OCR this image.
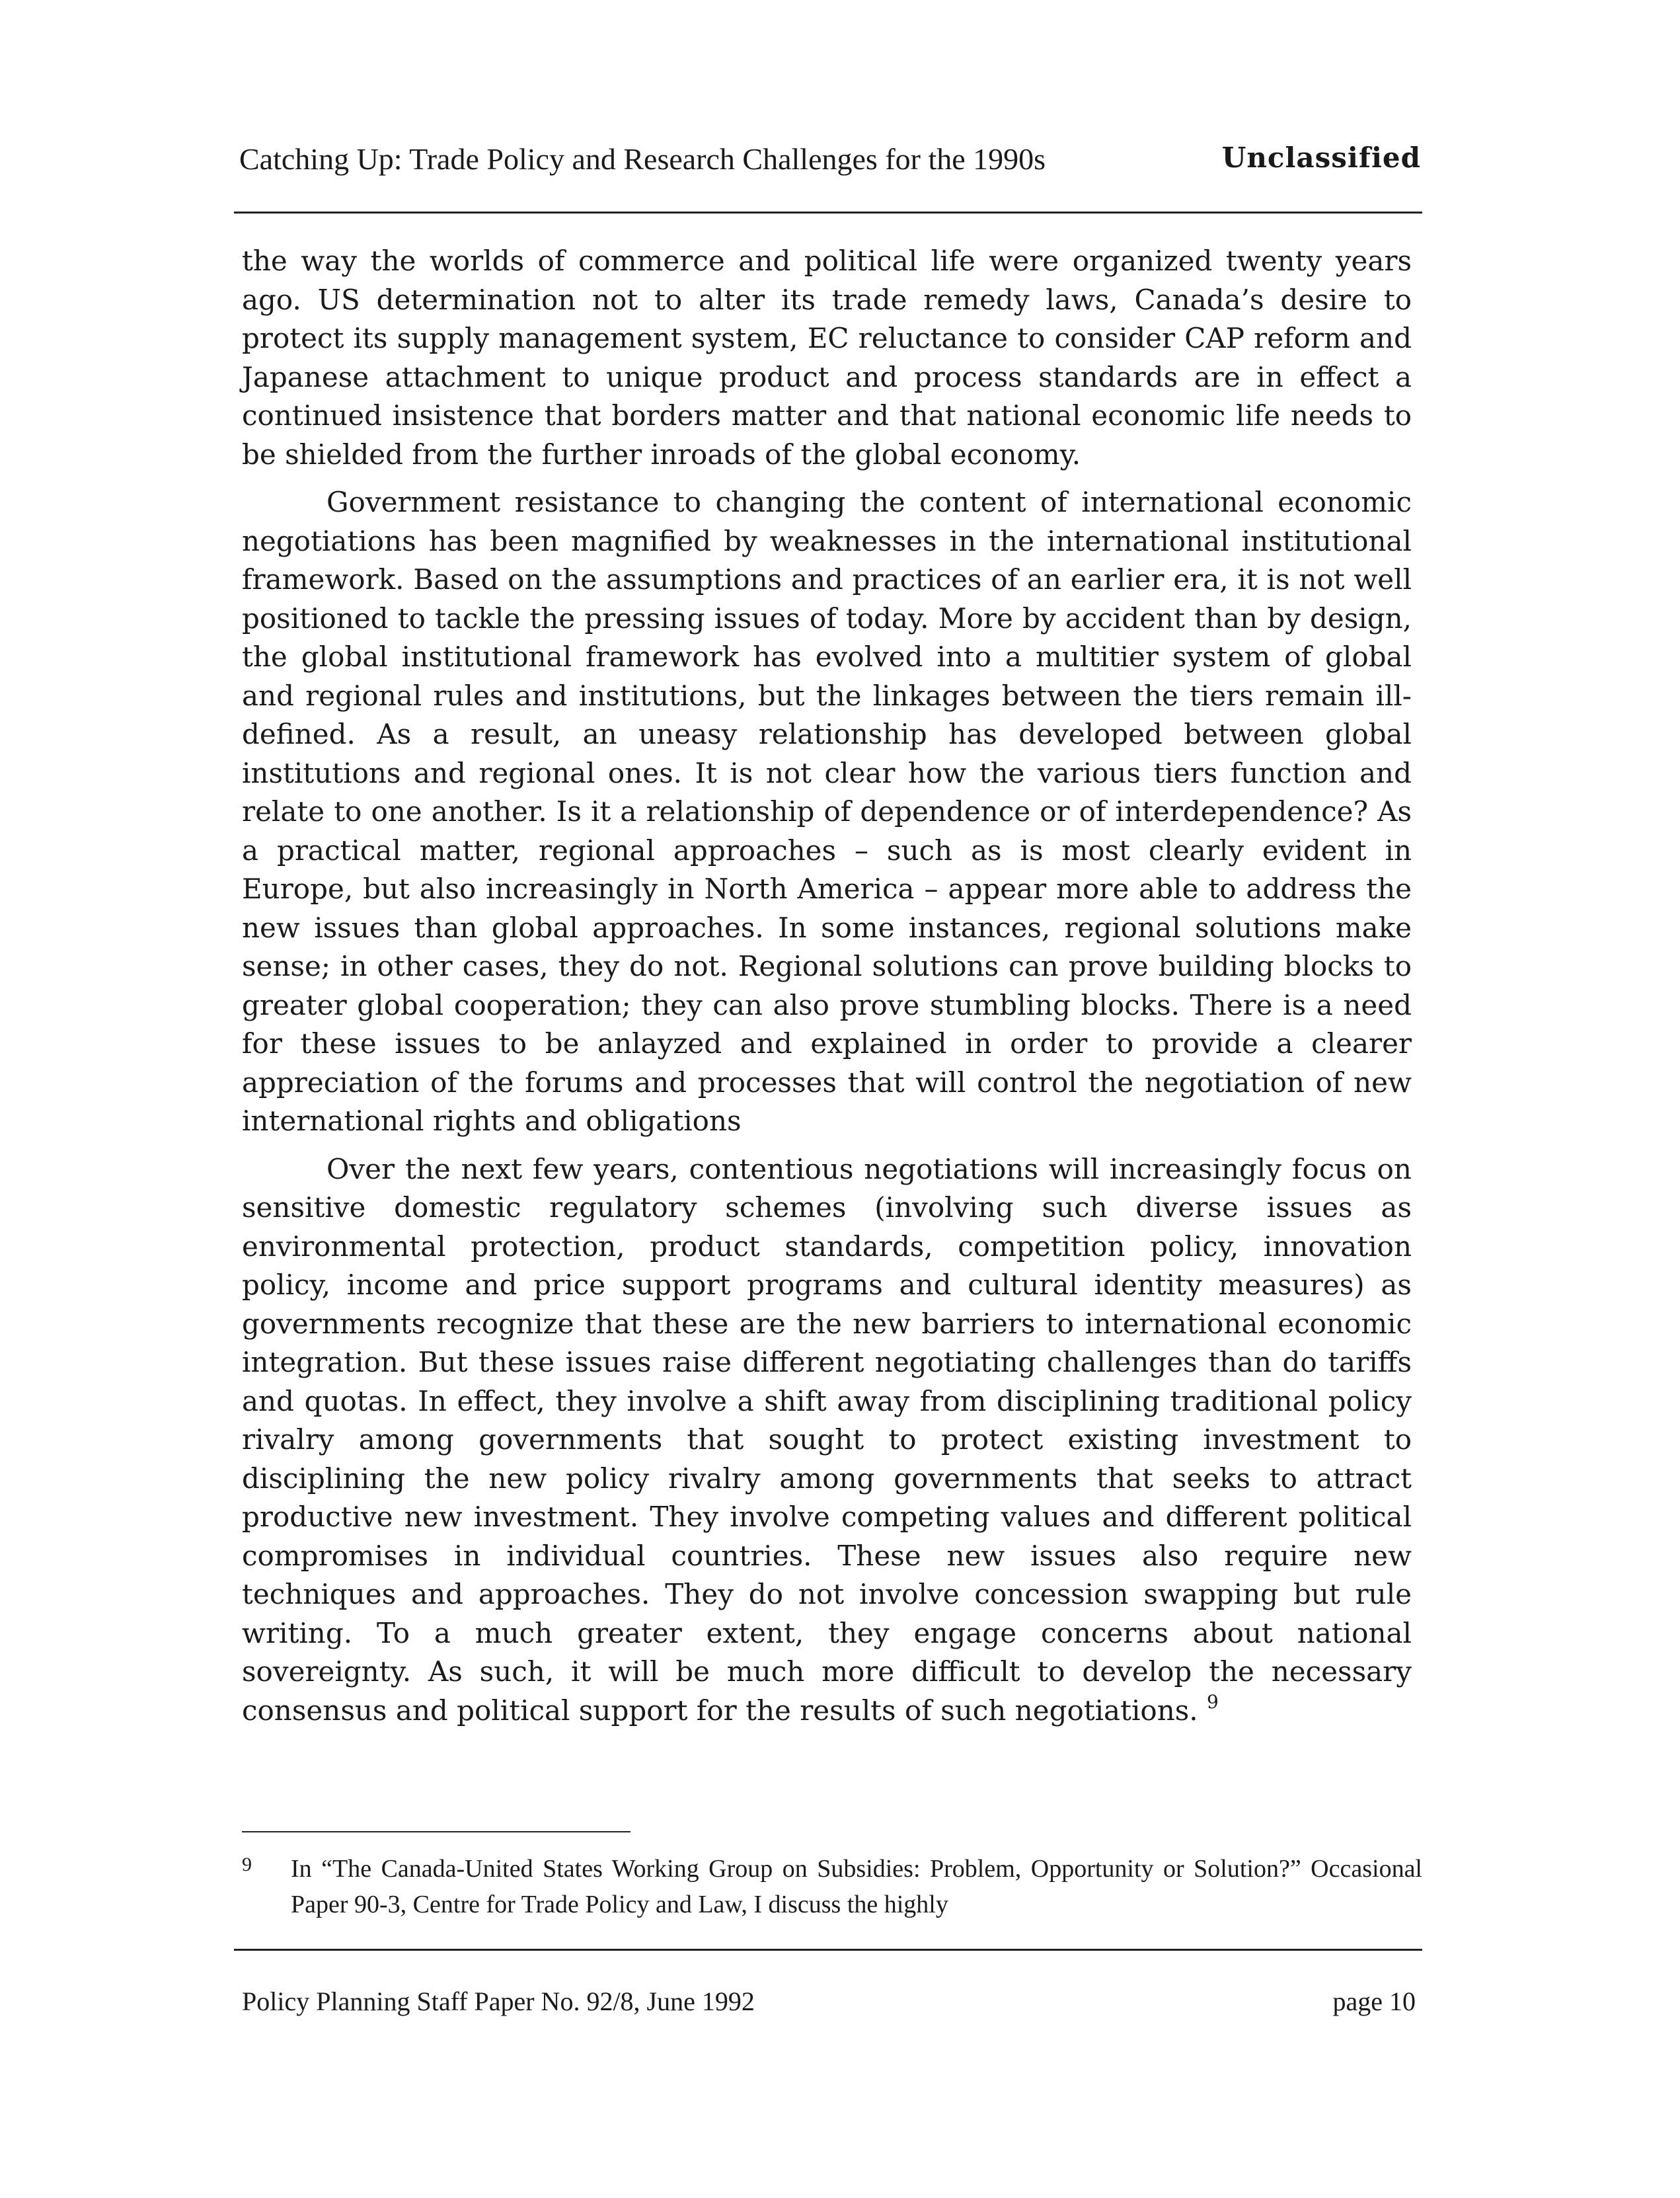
Catching Up: Trade Policy and Research Challenges for the 1990s	Unclassified

the way the worlds of commerce and political life were organized twenty years ago. US determination not to alter its trade remedy laws, Canada’s desire to protect its supply management system, EC reluctance to consider CAP reform and Japanese attachment to unique product and process standards are in effect a continued insistence that borders matter and that national economic life needs to be shielded from the further inroads of the global economy.

Government resistance to changing the content of international economic negotiations has been magnified by weaknesses in the international institutional framework. Based on the assumptions and practices of an earlier era, it is not well positioned to tackle the pressing issues of today. More by accident than by design, the global institutional framework has evolved into a multitier system of global and regional rules and institutions, but the linkages between the tiers remain ill-defined. As a result, an uneasy relationship has developed between global institutions and regional ones. It is not clear how the various tiers function and relate to one another. Is it a relationship of dependence or of interdependence? As a practical matter, regional approaches – such as is most clearly evident in Europe, but also increasingly in North America – appear more able to address the new issues than global approaches. In some instances, regional solutions make sense; in other cases, they do not. Regional solutions can prove building blocks to greater global cooperation; they can also prove stumbling blocks. There is a need for these issues to be anlayzed and explained in order to provide a clearer appreciation of the forums and processes that will control the negotiation of new international rights and obligations

Over the next few years, contentious negotiations will increasingly focus on sensitive domestic regulatory schemes (involving such diverse issues as environmental protection, product standards, competition policy, innovation policy, income and price support programs and cultural identity measures) as governments recognize that these are the new barriers to international economic integration. But these issues raise different negotiating challenges than do tariffs and quotas. In effect, they involve a shift away from disciplining traditional policy rivalry among governments that sought to protect existing investment to disciplining the new policy rivalry among governments that seeks to attract productive new investment. They involve competing values and different political compromises in individual countries. These new issues also require new techniques and approaches. They do not involve concession swapping but rule writing. To a much greater extent, they engage concerns about national sovereignty. As such, it will be much more difficult to develop the necessary consensus and political support for the results of such negotiations. $^9$

9 In “The Canada-United States Working Group on Subsidies: Problem, Opportunity or Solution?” Occasional Paper 90-3, Centre for Trade Policy and Law, I discuss the highly
Policy Planning Staff Paper No. 92/8, June 1992	page 10
